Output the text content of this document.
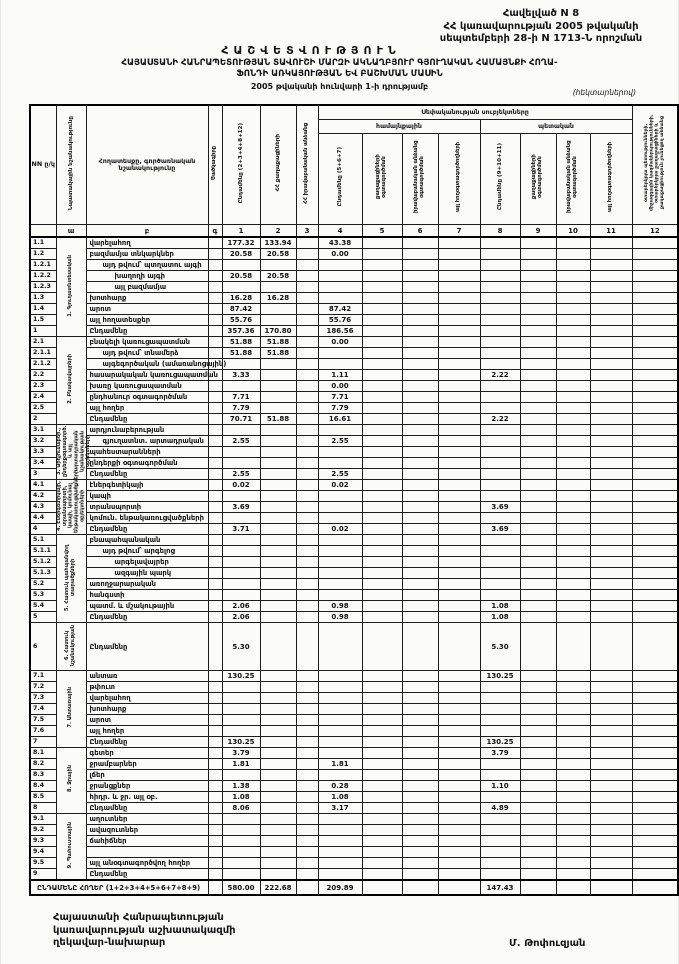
Հավելված N 8
ՀՀ կառավարության 2005 թվականի
սեպտեմբերի 28-ի N 1713-Ն որոշման
ՀԱՇՎԵՏՎՈՒԹՅՈՒՆ
ՀԱՅԱՍՏԱՆԻ ՀԱՆՐԱՊԵՏՈՒԹՅԱՆ ՏԱՎՈՒՇԻ ՄԱՐԶԻ ԱԿՆԱՂԲՅՈՒՐ ԳՅՈՒՂԱԿԱՆ ՀԱՄԱՅՆՔԻ ՀՈՂԱ-
ՖՈՆԴԻ ԱՌԿԱՅՈՒԹՅԱՆ ԵՎ ԲԱՇԽՄԱՆ ՄԱՍԻՆ
2005 թվականի հունվարի 1-ի դրությամբ
(հեկտարներով)
NN ը/կ	Նպատակային նշանակությունը	Հողատեսքը, գործառնական նշանակությունը	Ծածկագիրը	Ընդամենը (2+3+4+8+12)	ՀՀ քաղաքացիների	ՀՀ իրավաբանական անձանց	Սեփականության սուբյեկտները								օտարերկրյա պետությունների, միջազգային կազմակերպությունների, օտարերկրյա քաղաքացիների և քաղաքացիություն չունեցող անձանց
							համայնքային				պետական				
							Ընդամենը (5+6+7)	քաղաքացիների օգտագործման	իրավաբանական անձանց օգտագործման	այլ հողօգտագործողների	Ընդամենը (9+10+11)	քաղաքացիների օգտագործման	իրավաբանական անձանց օգտագործման	այլ հողօգտագործողների	
	ա	բ	գ	1	2	3	4	5	6	7	8	9	10	11	12
1.1	1. Գյուղատնտեսական	վարելահող		177.32	133.94		43.38								
1.2		բազմամյա տնկարկներ		20.58	20.58		0.00								
1.2.1		այդ թվում՝ պտղատու այգի													
1.2.2		խաղողի այգի		20.58	20.58										
1.2.3		այլ բազմամյա													
1.3		խոտհարք		16.28	16.28										
1.4		արոտ		87.42			87.42								
1.5		այլ հողատեսքեր		55.76			55.76								
1		Ընդամենը		357.36	170.80		186.56								
2.1	2. Բնակավայրերի	բնակելի կառուցապատման		51.88	51.88		0.00								
2.1.1		այդ թվում՝ տնամերձ		51.88	51.88										
2.1.2		այգեգործական (ամառանոցային)													
2.2		հասարակական կառուցապատման		3.33			1.11				2.22				
2.3		խառը կառուցապատման					0.00								
2.4		ընդհանուր օգտագործման		7.71			7.71								
2.5		այլ հողեր		7.79			7.79								
2		Ընդամենը		70.71	51.88		16.61				2.22				
3.1	3. Արդյունաբեր., ընդերքօգտագործ. և այլ արտադրական նշանակության օբյեկտների	արդյունաբերության													
3.2		գյուղատնտ. արտադրական		2.55			2.55								
3.3		պահեստարանների													
3.4		ընդերքի օգտագործման													
3		Ընդամենը		2.55			2.55								
4.1	4. Էներգետիկայի, տրանսպորտի, կապի, կոմունալ ենթակառուցվածքների օբյեկտների	էներգետիկայի		0.02			0.02								
4.2		կապի													
4.3		տրանսպորտի		3.69							3.69				
4.4		կոմուն. ենթակառուցվածքների													
4		Ընդամենը		3.71			0.02				3.69				
5.1	5. Հատուկ պահպանվող տարածքների	բնապահպանական													
5.1.1		այդ թվում՝ արգելոց													
5.1.2		արգելավայրեր													
5.1.3		ազգային պարկ													
5.2		առողջարարական													
5.3		հանգստի													
5.4		պատմ. և մշակութային		2.06			0.98				1.08				
5		Ընդամենը		2.06			0.98				1.08				
6	6. Հատուկ նշանակության	Ընդամենը		5.30							5.30				
7.1	7. Անտառային	անտառ		130.25							130.25				
7.2		թփուտ													
7.3		վարելահող													
7.4		խոտհարք													
7.5		արոտ													
7.6		այլ հողեր													
7		Ընդամենը		130.25							130.25				
8.1	8. Ջրային	գետեր		3.79							3.79				
8.2		ջրամբարներ		1.81			1.81								
8.3		լճեր													
8.4		ջրանցքներ		1.38			0.28				1.10				
8.5		հիդր. և ջր. այլ օբ.		1.08			1.08								
8		Ընդամենը		8.06			3.17				4.89				
9.1	9. Պահուստային	աղուտներ													
9.2		ավազուտներ													
9.3		ճահիճներ													
9.4															
9.5		այլ անօգտագործվող հողեր													
9		Ընդամենը													
ԸՆԴԱՄԵՆԸ ՀՈՂԵՐ (1+2+3+4+5+6+7+8+9)				580.00	222.68		209.89				147.43				
Հայաստանի Հանրապետության
կառավարության աշխատակազմի
ղեկավար-նախարար	Մ. Թոփուզյան
